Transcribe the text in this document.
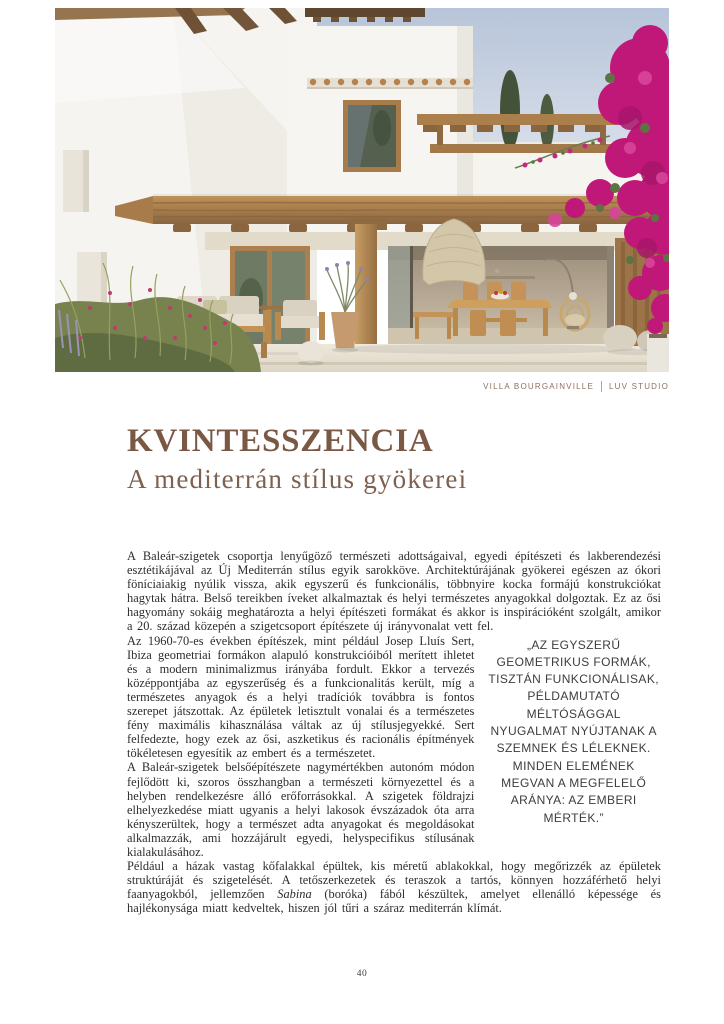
VILLA BOURGAINVILLE LUV STUDIO
KVINTESSZENCIA
A mediterrán stílus gyökerei

A Baleár-szigetek csoportja lenyűgöző természeti adottságaival, egyedi építészeti és lakberendezési esztétikájával az Új Mediterrán stílus egyik sarokköve. Architektúrájának gyökerei egészen az ókori föníciaiakig nyúlik vissza, akik egyszerű és funkcionális, többnyire kocka formájú konstrukciókat hagytak hátra. Belső tereikben íveket alkalmaztak és helyi természetes anyagokkal dolgoztak. Ez az ősi hagyomány sokáig meghatározta a helyi építészeti formákat és akkor is inspirációként szolgált, amikor a 20. század közepén a szigetcsoport építészete új irányvonalat vett fel.

Az 1960-70-es években építészek, mint például Josep Lluís Sert, Ibiza geometriai formákon alapuló konstrukcióiból merített ihletet és a modern minimalizmus irányába fordult. Ekkor a tervezés középpontjába az egyszerűség és a funkcionalitás került, míg a természetes anyagok és a helyi tradíciók továbbra is fontos szerepet játszottak. Az épületek letisztult vonalai és a természetes fény maximális kihasználása váltak az új stílusjegyekké. Sert felfedezte, hogy ezek az ősi, aszketikus és racionális építmények tökéletesen egyesítik az embert és a természetet.

A Baleár-szigetek belsőépítészete nagymértékben autonóm módon fejlődött ki, szoros összhangban a természeti környezettel és a helyben rendelkezésre álló erőforrásokkal. A szigetek földrajzi elhelyezkedése miatt ugyanis a helyi lakosok évszázadok óta arra kényszerültek, hogy a természet adta anyagokat és megoldásokat alkalmazzák, ami hozzájárult egyedi, helyspecifikus stílusának kialakulásához.

„AZ EGYSZERŰ GEOMETRIKUS FORMÁK, TISZTÁN FUNKCIONÁLISAK, PÉLDAMUTATÓ MÉLTÓSÁGGAL NYUGALMAT NYÚJTANAK A SZEMNEK ÉS LÉLEKNEK. MINDEN ELEMÉNEK MEGVAN A MEGFELELŐ ARÁNYA: AZ EMBERI MÉRTÉK.”

Például a házak vastag kőfalakkal épültek, kis méretű ablakokkal, hogy megőrizzék az épületek struktúráját és szigetelését. A tetőszerkezetek és teraszok a tartós, könnyen hozzáférhető helyi faanyagokból, jellemzően Sabina (boróka) fából készültek, amelyet ellenálló képessége és hajlékonysága miatt kedveltek, hiszen jól tűri a száraz mediterrán klímát.

40
